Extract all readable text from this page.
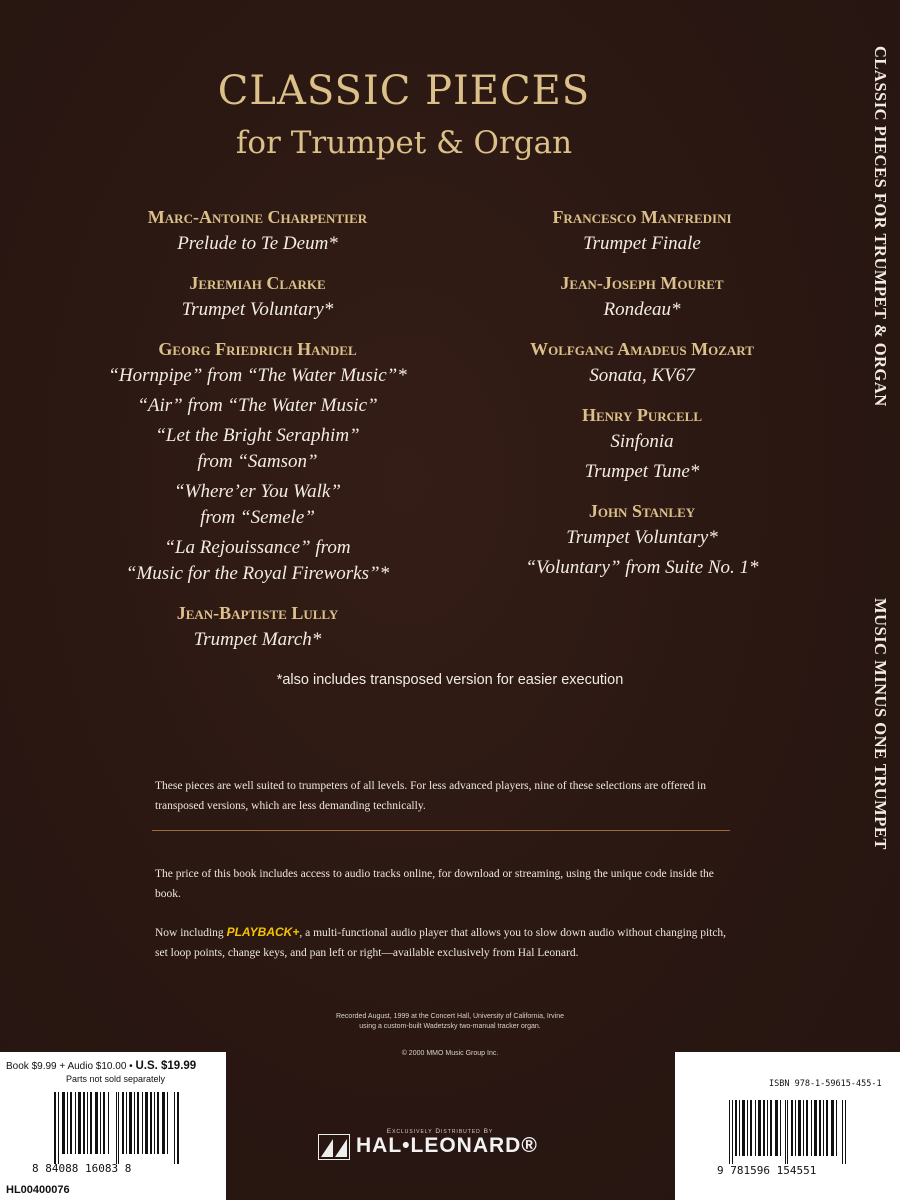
CLASSIC PIECES
for Trumpet & Organ
Marc-Antoine Charpentier
Prelude to Te Deum*
Jeremiah Clarke
Trumpet Voluntary*
Georg Friedrich Handel
“Hornpipe” from “The Water Music”*
“Air” from “The Water Music”
“Let the Bright Seraphim”
from “Samson”
“Where’er You Walk”
from “Semele”
“La Rejouissance” from
“Music for the Royal Fireworks”*
Jean-Baptiste Lully
Trumpet March*
Francesco Manfredini
Trumpet Finale
Jean-Joseph Mouret
Rondeau*
Wolfgang Amadeus Mozart
Sonata, KV67
Henry Purcell
Sinfonia
Trumpet Tune*
John Stanley
Trumpet Voluntary*
“Voluntary” from Suite No. 1*
*also includes transposed version for easier execution
These pieces are well suited to trumpeters of all levels. For less advanced players, nine of these selections are offered in transposed versions, which are less demanding technically.
The price of this book includes access to audio tracks online, for download or streaming, using the unique code inside the book.
Now including PLAYBACK+, a multi-functional audio player that allows you to slow down audio without changing pitch, set loop points, change keys, and pan left or right—available exclusively from Hal Leonard.
CLASSIC PIECES FOR TRUMPET & ORGAN
MUSIC MINUS ONE TRUMPET
Recorded August, 1999 at the Concert Hall, University of California, Irvine
using a custom-built Wadetzsky two-manual tracker organ.
© 2000 MMO Music Group Inc.
Exclusively Distributed By
HAL•LEONARD®
Book $9.99 + Audio $10.00 • U.S. $19.99
Parts not sold separately
8 84088 16083 8
HL00400076
ISBN 978-1-59615-455-1
9 781596 154551
